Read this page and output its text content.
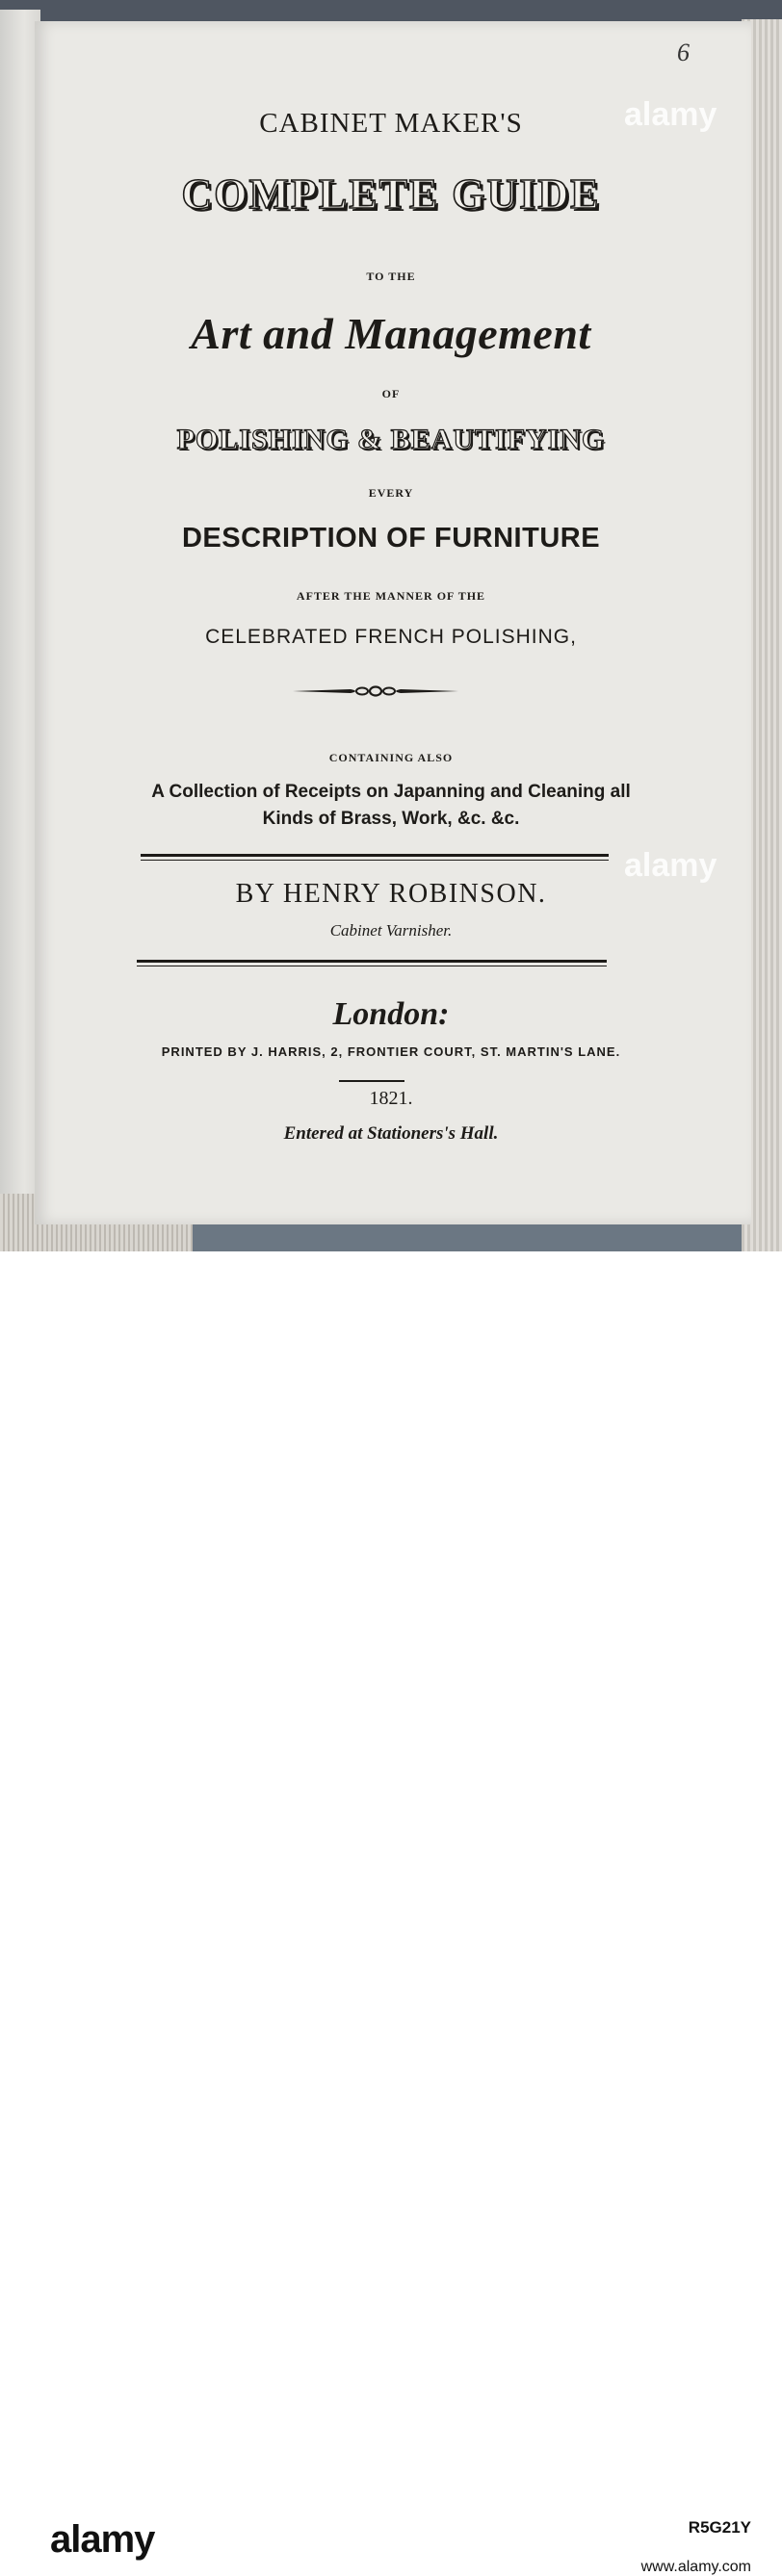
6
CABINET MAKER'S
COMPLETE GUIDE
TO THE
Art and Management
OF
POLISHING & BEAUTIFYING
EVERY
DESCRIPTION OF FURNITURE
AFTER THE MANNER OF THE
CELEBRATED FRENCH POLISHING,
CONTAINING ALSO
A Collection of Receipts on Japanning and Cleaning all
Kinds of Brass, Work, &c. &c.
BY HENRY ROBINSON.
Cabinet Varnisher.
London:
PRINTED BY J. HARRIS, 2, FRONTIER COURT, ST. MARTIN'S LANE.
1821.
Entered at Stationers's Hall.
alamy
alamy
alamy	R5G21Y
www.alamy.com
